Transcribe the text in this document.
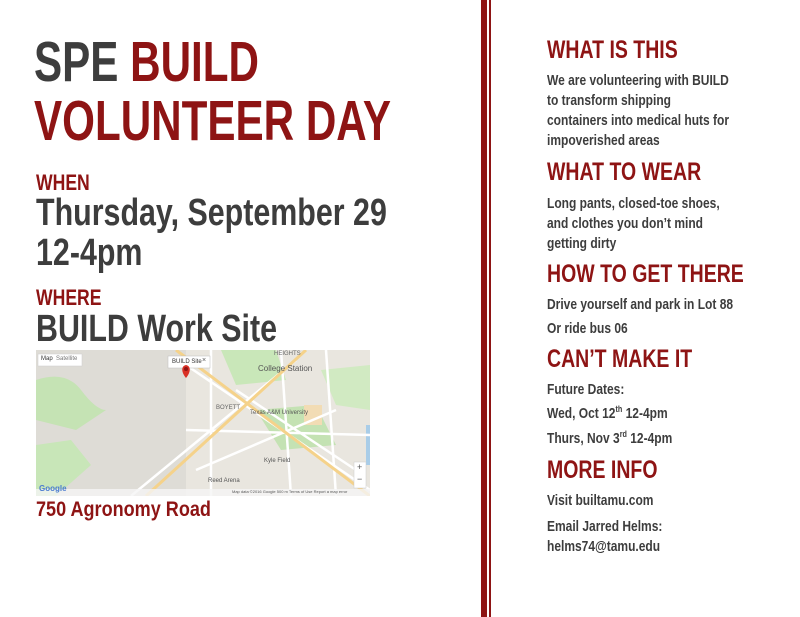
SPE BUILD
VOLUNTEER DAY
WHEN
Thursday, September 29
12-4pm
WHERE
BUILD Work Site
Map Satellite	BUILD Site ×
HEIGHTS
College Station
Texas A&M University
BOYETT
Kyle Field
Reed Arena
+
−
Google	Map data ©2016 Google 500 m Terms of Use Report a map error
750 Agronomy Road
WHAT IS THIS
We are volunteering with BUILD
to transform shipping
containers into medical huts for
impoverished areas
WHAT TO WEAR
Long pants, closed-toe shoes,
and clothes you don’t mind
getting dirty
HOW TO GET THERE
Drive yourself and park in Lot 88
Or ride bus 06
CAN’T MAKE IT
Future Dates:
Wed, Oct 12th 12-4pm
Thurs, Nov 3rd 12-4pm
MORE INFO
Visit builtamu.com
Email Jarred Helms:
helms74@tamu.edu
